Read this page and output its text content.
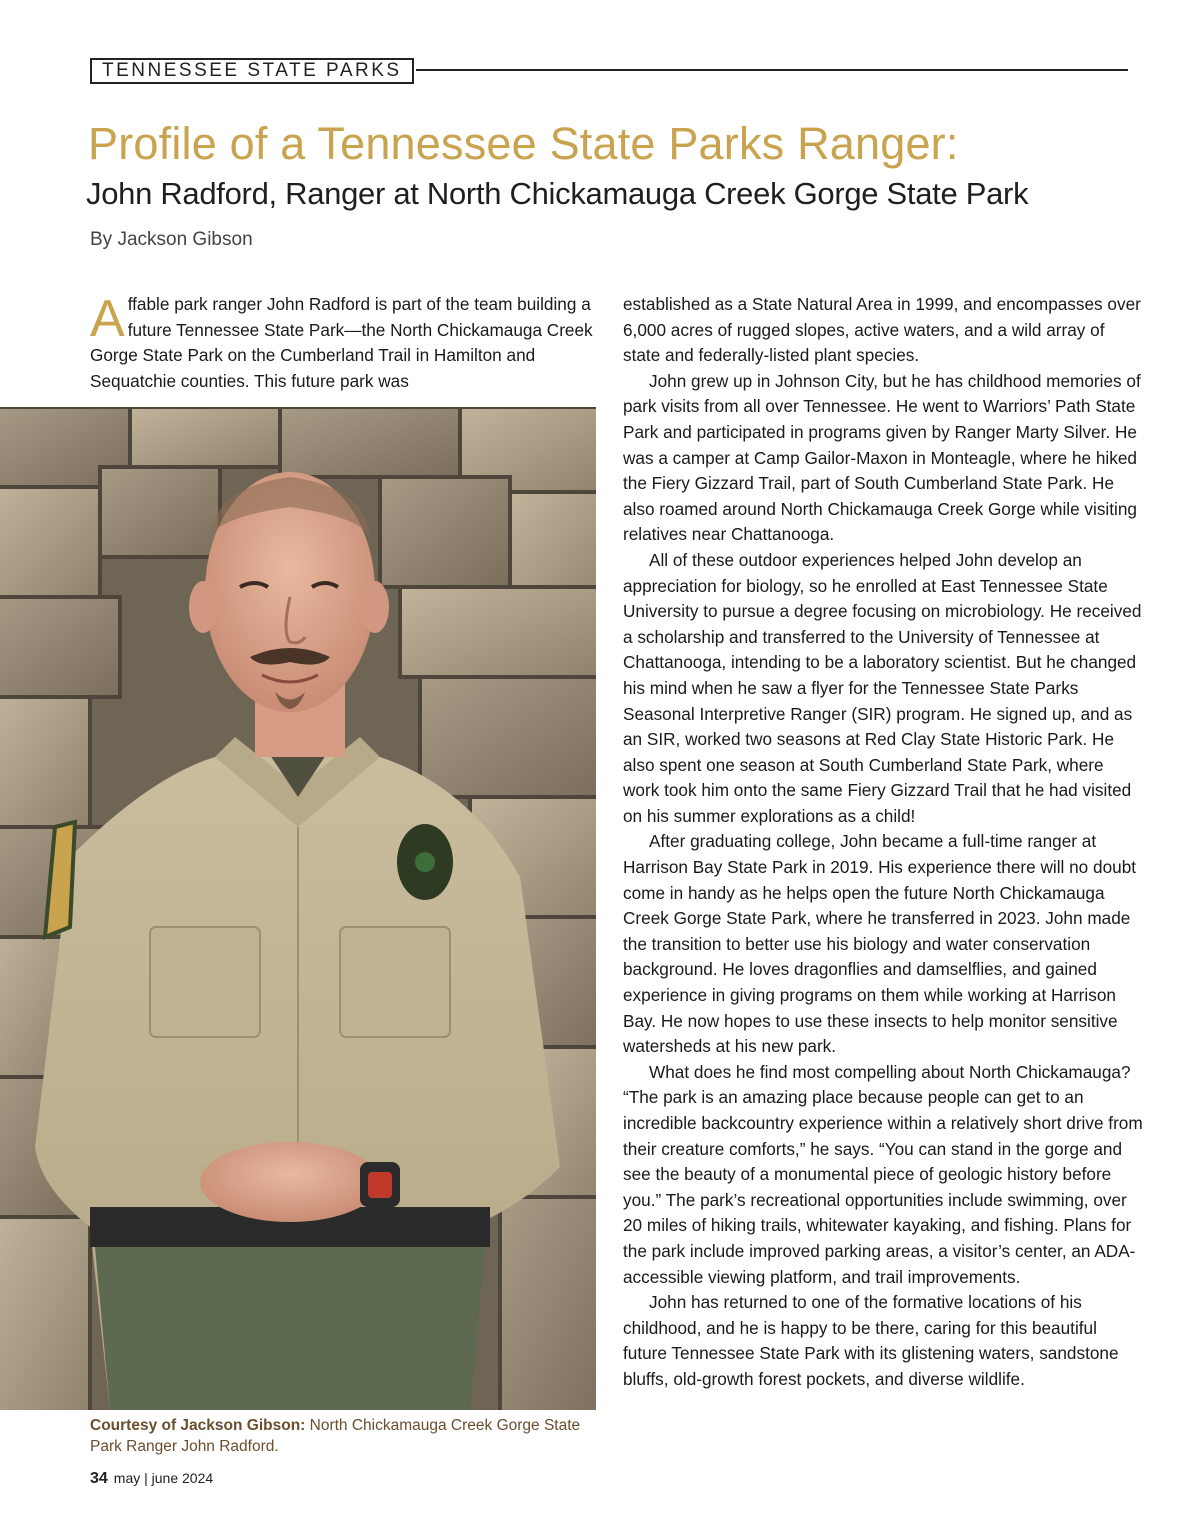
TENNESSEE STATE PARKS
Profile of a Tennessee State Parks Ranger:
John Radford, Ranger at North Chickamauga Creek Gorge State Park
By Jackson Gibson
A ffable park ranger John Radford is part of the team building a future Tennessee State Park—the North Chickamauga Creek Gorge State Park on the Cumberland Trail in Hamilton and Sequatchie counties. This future park was

Courtesy of Jackson Gibson: North Chickamauga Creek Gorge State Park Ranger John Radford.
34 may | june 2024

established as a State Natural Area in 1999, and encompasses over 6,000 acres of rugged slopes, active waters, and a wild array of state and federally-listed plant species.

John grew up in Johnson City, but he has childhood memories of park visits from all over Tennessee. He went to Warriors’ Path State Park and participated in programs given by Ranger Marty Silver. He was a camper at Camp Gailor-Maxon in Monteagle, where he hiked the Fiery Gizzard Trail, part of South Cumberland State Park. He also roamed around North Chickamauga Creek Gorge while visiting relatives near Chattanooga.

All of these outdoor experiences helped John develop an appreciation for biology, so he enrolled at East Tennessee State University to pursue a degree focusing on microbiology. He received a scholarship and transferred to the University of Tennessee at Chattanooga, intending to be a laboratory scientist. But he changed his mind when he saw a flyer for the Tennessee State Parks Seasonal Interpretive Ranger (SIR) program. He signed up, and as an SIR, worked two seasons at Red Clay State Historic Park. He also spent one season at South Cumberland State Park, where work took him onto the same Fiery Gizzard Trail that he had visited on his summer explorations as a child!

After graduating college, John became a full-time ranger at Harrison Bay State Park in 2019. His experience there will no doubt come in handy as he helps open the future North Chickamauga Creek Gorge State Park, where he transferred in 2023. John made the transition to better use his biology and water conservation background. He loves dragonflies and damselflies, and gained experience in giving programs on them while working at Harrison Bay. He now hopes to use these insects to help monitor sensitive watersheds at his new park.

What does he find most compelling about North Chickamauga? “The park is an amazing place because people can get to an incredible backcountry experience within a relatively short drive from their creature comforts,” he says. “You can stand in the gorge and see the beauty of a monumental piece of geologic history before you.” The park’s recreational opportunities include swimming, over 20 miles of hiking trails, whitewater kayaking, and fishing. Plans for the park include improved parking areas, a visitor’s center, an ADA-accessible viewing platform, and trail improvements.

John has returned to one of the formative locations of his childhood, and he is happy to be there, caring for this beautiful future Tennessee State Park with its glistening waters, sandstone bluffs, old-growth forest pockets, and diverse wildlife.
